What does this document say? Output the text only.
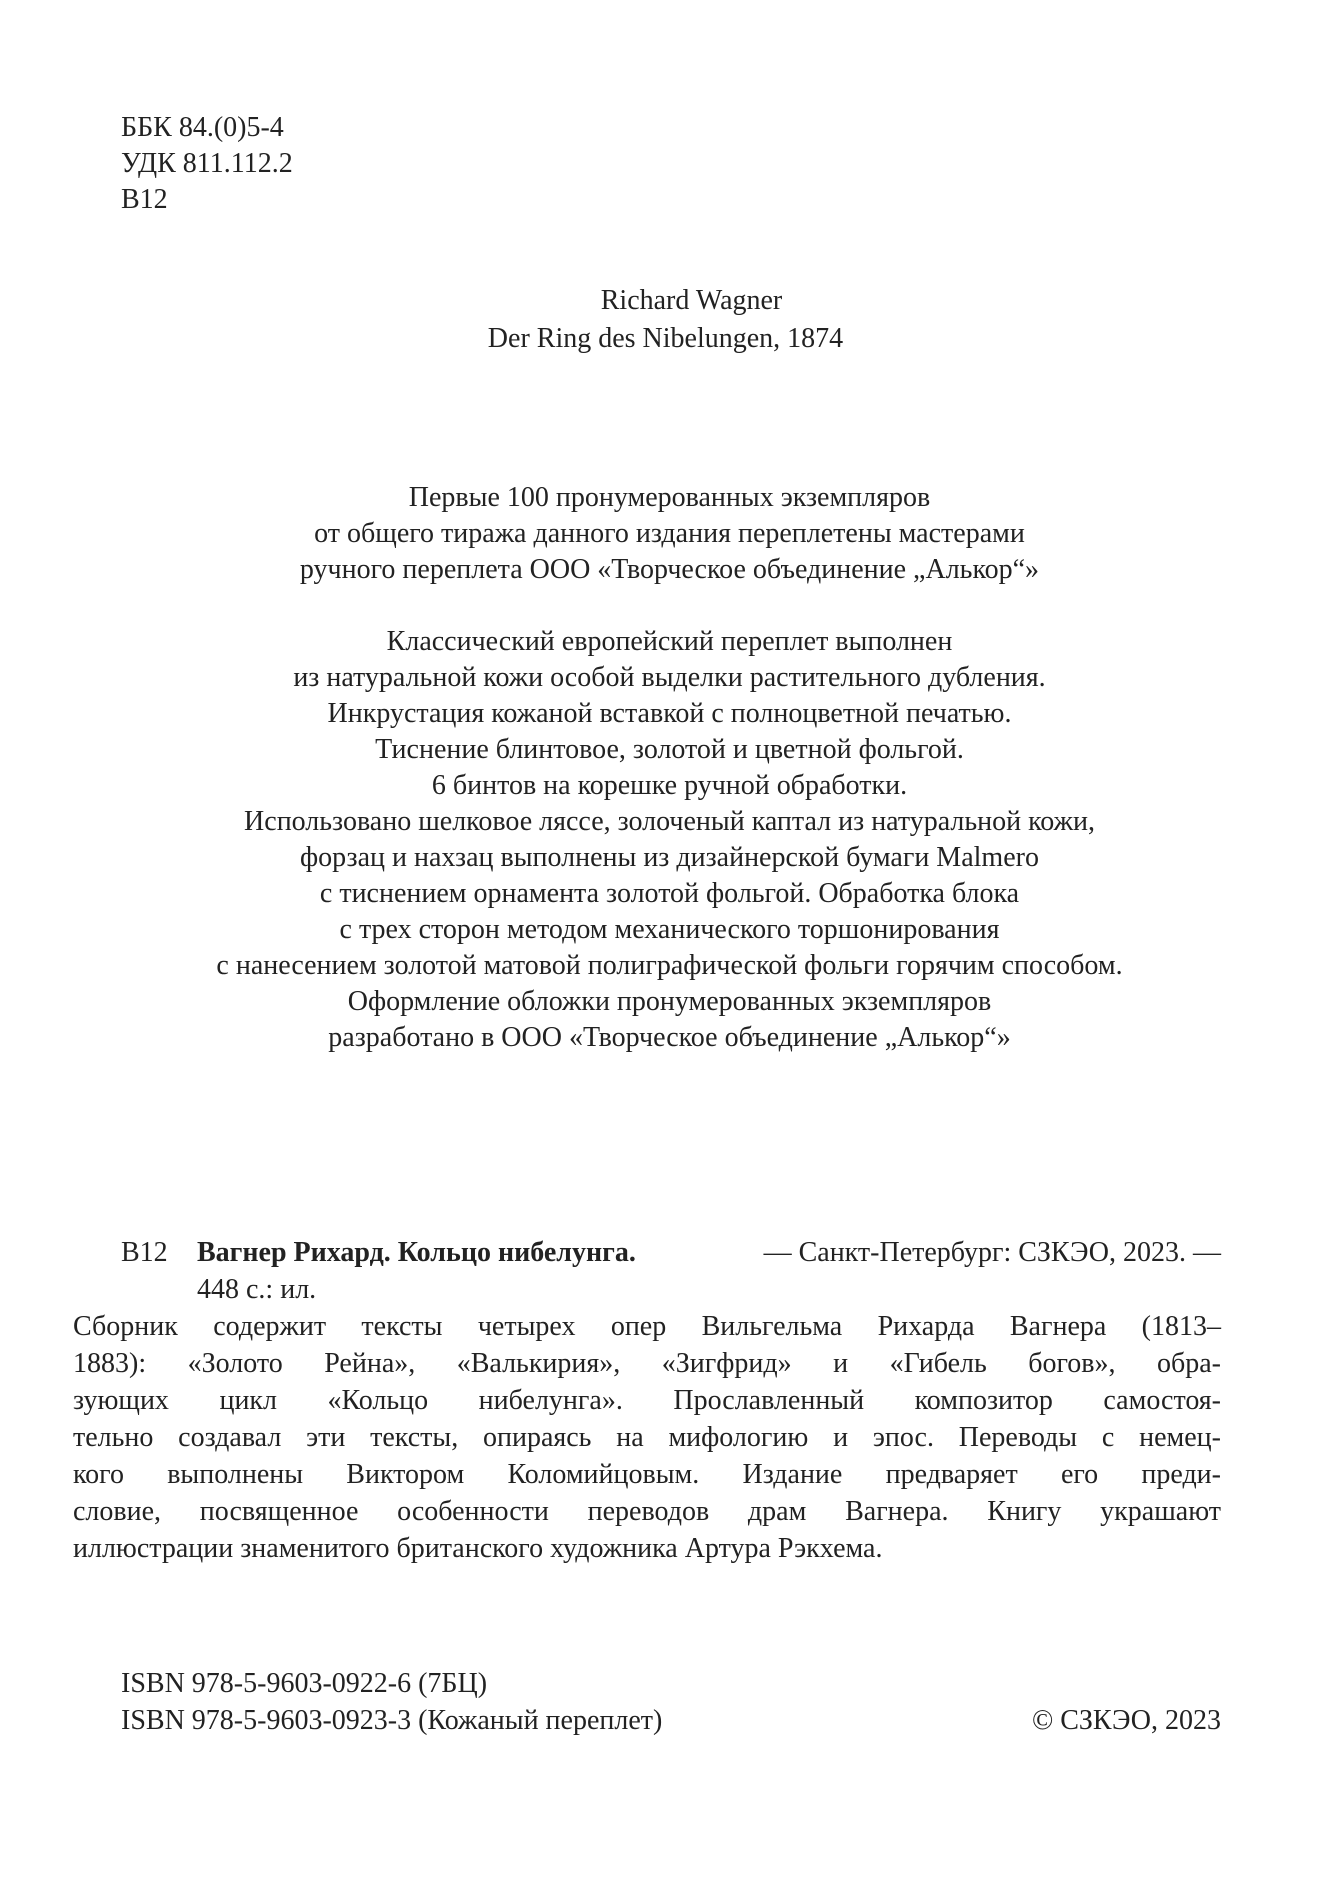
ББК 84.(0)5-4
УДК 811.112.2
В12
Richard Wagner
Der Ring des Nibelungen, 1874
Первые 100 пронумерованных экземпляров
от общего тиража данного издания переплетены мастерами
ручного переплета ООО «Творческое объединение „Алькор“»
Классический европейский переплет выполнен
из натуральной кожи особой выделки растительного дубления.
Инкрустация кожаной вставкой с полноцветной печатью.
Тиснение блинтовое, золотой и цветной фольгой.
6 бинтов на корешке ручной обработки.
Использовано шелковое ляссе, золоченый каптал из натуральной кожи,
форзац и нахзац выполнены из дизайнерской бумаги Malmero
с тиснением орнамента золотой фольгой. Обработка блока
с трех сторон методом механического торшонирования
с нанесением золотой матовой полиграфической фольги горячим способом.
Оформление обложки пронумерованных экземпляров
разработано в ООО «Творческое объединение „Алькор“»
В12	Вагнер Рихард. Кольцо нибелунга.	— Санкт-Петербург: СЗКЭО, 2023. —
448 с.: ил.
Сборник содержит тексты четырех опер Вильгельма Рихарда Вагнера (1813–
1883): «Золото Рейна», «Валькирия», «Зигфрид» и «Гибель богов», обра-
зующих цикл «Кольцо нибелунга». Прославленный композитор самостоя-
тельно создавал эти тексты, опираясь на мифологию и эпос. Переводы с немец-
кого выполнены Виктором Коломийцовым. Издание предваряет его преди-
словие, посвященное особенности переводов драм Вагнера. Книгу украшают
иллюстрации знаменитого британского художника Артура Рэкхема.
ISBN 978-5-9603-0922-6 (7БЦ)
ISBN 978-5-9603-0923-3 (Кожаный переплет)	© СЗКЭО, 2023
